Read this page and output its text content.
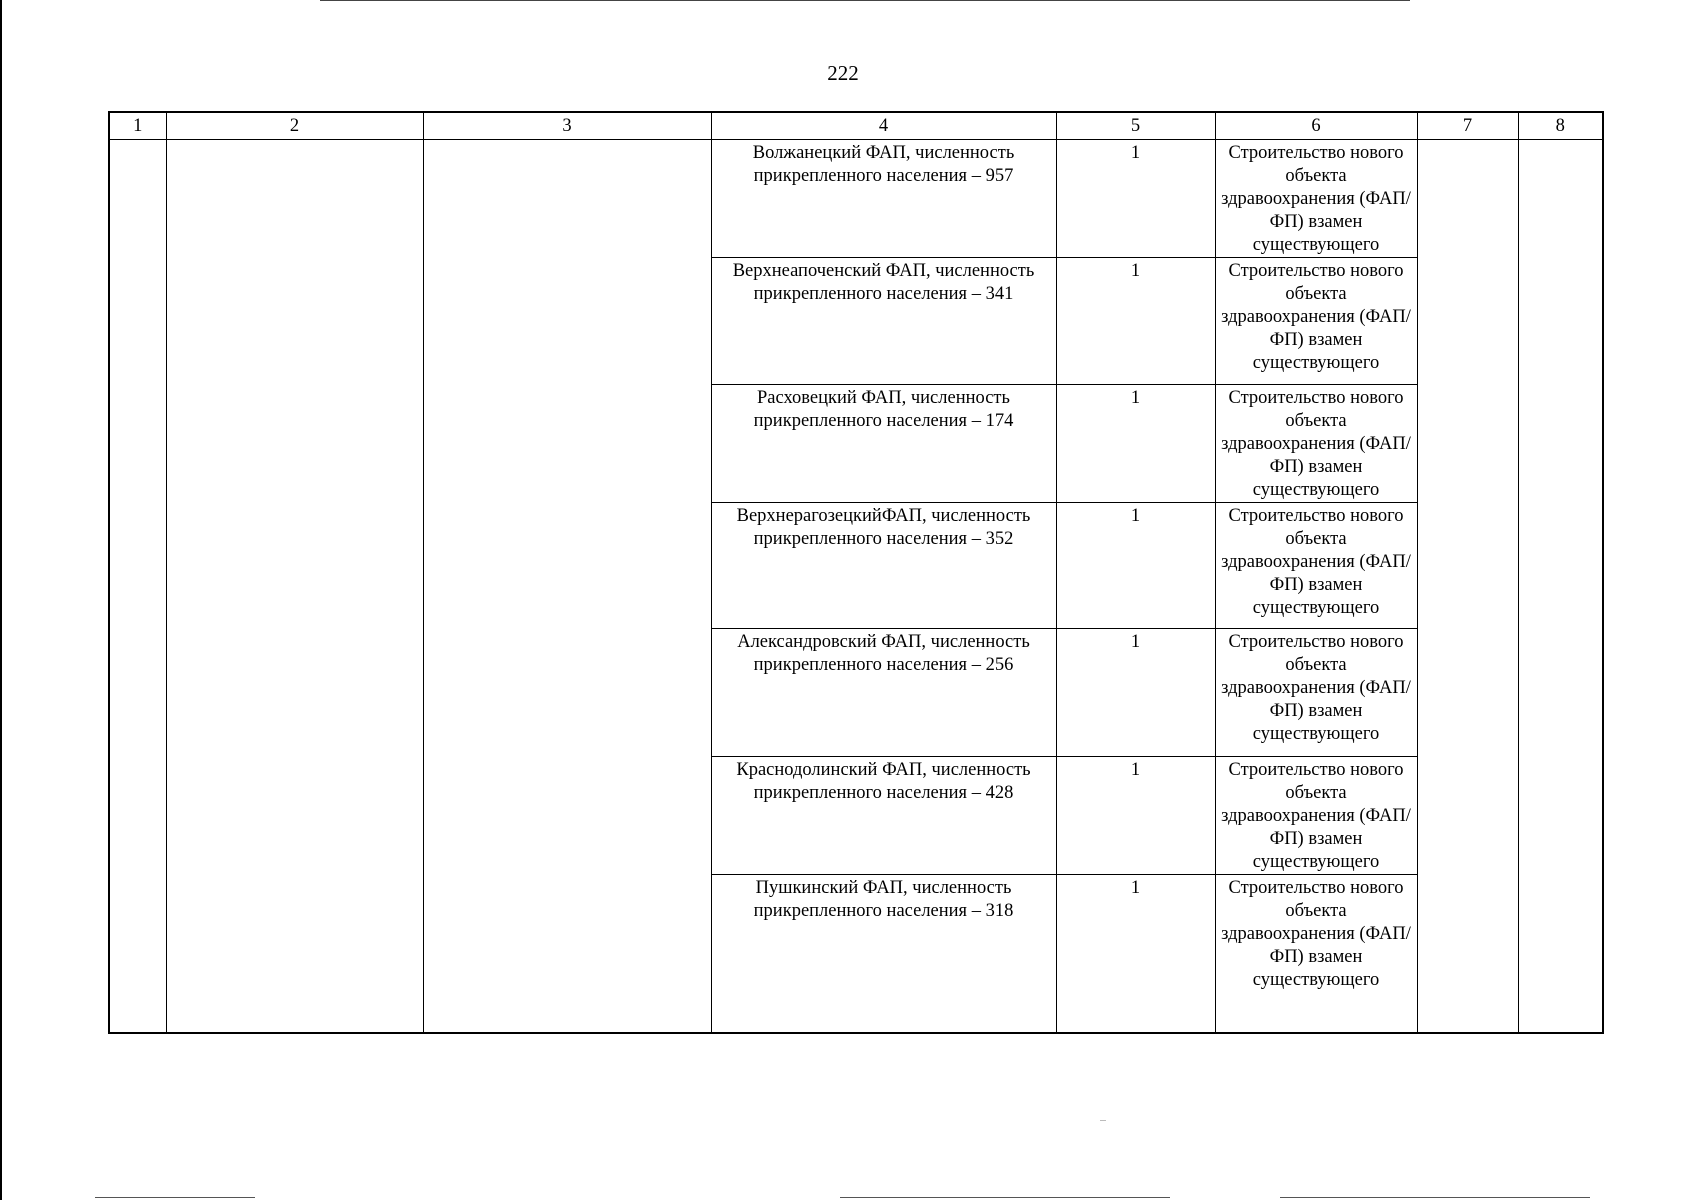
222
1	2	3	4	5	6	7	8
			Волжанецкий ФАП, численность прикрепленного населения – 957	1	Строительство нового объекта здравоохранения (ФАП/ФП) взамен существующего		
			Верхнеапоченский ФАП, численность прикрепленного населения – 341	1	Строительство нового объекта здравоохранения (ФАП/ФП) взамен существующего		
			Расховецкий ФАП, численность прикрепленного населения – 174	1	Строительство нового объекта здравоохранения (ФАП/ФП) взамен существующего		
			ВерхнерагозецкийФАП, численность прикрепленного населения – 352	1	Строительство нового объекта здравоохранения (ФАП/ФП) взамен существующего		
			Александровский ФАП, численность прикрепленного населения – 256	1	Строительство нового объекта здравоохранения (ФАП/ФП) взамен существующего		
			Краснодолинский ФАП, численность прикрепленного населения – 428	1	Строительство нового объекта здравоохранения (ФАП/ФП) взамен существующего		
			Пушкинский ФАП, численность прикрепленного населения – 318	1	Строительство нового объекта здравоохранения (ФАП/ФП) взамен существующего		
